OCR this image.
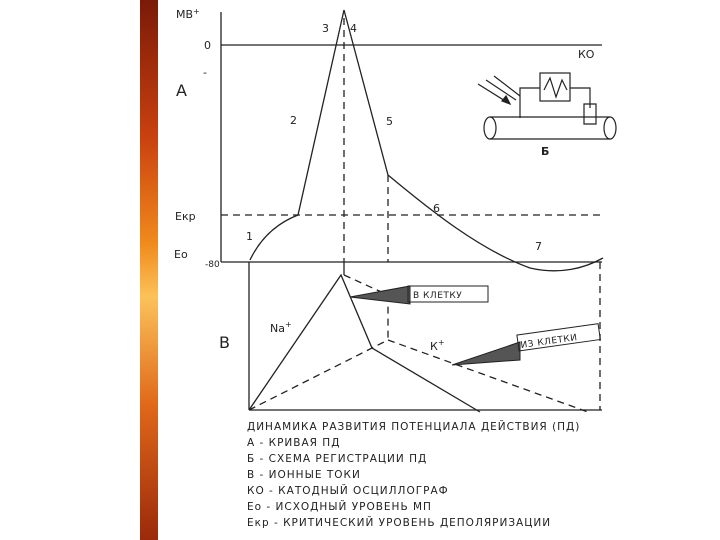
МВ+
0
-
А
Екр
Ео
-80
КО
1
2
3 4
5
6
7
Б
В
Na+
К+
В КЛЕТКУ
ИЗ КЛЕТКИ
ДИНАМИКА РАЗВИТИЯ ПОТЕНЦИАЛА ДЕЙСТВИЯ (ПД)
А - КРИВАЯ ПД
Б - СХЕМА РЕГИСТРАЦИИ ПД
В - ИОННЫЕ ТОКИ
КО - КАТОДНЫЙ ОСЦИЛЛОГРАФ
Ео - ИСХОДНЫЙ УРОВЕНЬ МП
Екр - КРИТИЧЕСКИЙ УРОВЕНЬ ДЕПОЛЯРИЗАЦИИ
